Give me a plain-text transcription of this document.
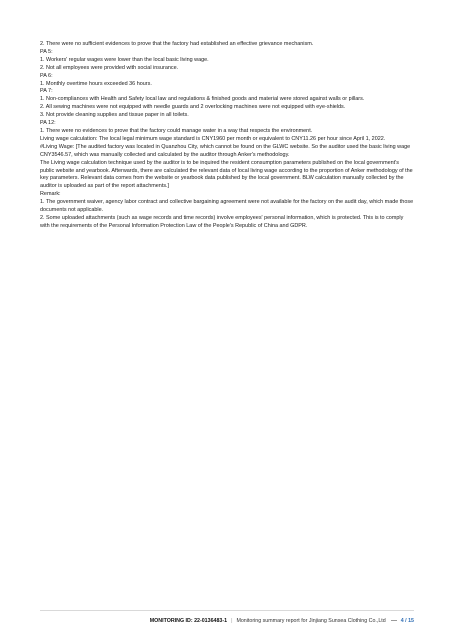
2. There were no sufficient evidences to prove that the factory had established an effective grievance mechanism.

PA 5:

1. Workers' regular wages were lower than the local basic living wage.

2. Not all employees were provided with social insurance.

PA 6:

1. Monthly overtime hours exceeded 36 hours.

PA 7:

1. Non-compliances with Health and Safety local law and regulations & finished goods and material were stored against walls or pillars.

2. All sewing machines were not equipped with needle guards and 2 overlocking machines were not equipped with eye-shields.

3. Not provide cleaning supplies and tissue paper in all toilets.

PA 12:

1. There were no evidences to prove that the factory could manage water in a way that respects the environment.

Living wage calculation: The local legal minimum wage standard is CNY1960 per month or equivalent to CNY11.26 per hour since April 1, 2022.

#Living Wage: [The audited factory was located in Quanzhou City, which cannot be found on the GLWC website. So the auditor used the basic living wage CNY3546.57, which was manually collected and calculated by the auditor through Anker's methodology.

The Living wage calculation technique used by the auditor is to be inquired the resident consumption parameters published on the local government's public website and yearbook. Afterwards, there are calculated the relevant data of local living wage according to the proportion of Anker methodology of the key parameters. Relevant data comes from the website or yearbook data published by the local government. BLW calculation manually collected by the auditor is uploaded as part of the report attachments.]

Remark:

1. The government waiver, agency labor contract and collective bargaining agreement were not available for the factory on the audit day, which made those documents not applicable.

2. Some uploaded attachments (such as wage records and time records) involve employees' personal information, which is protected. This is to comply with the requirements of the Personal Information Protection Law of the People's Republic of China and GDPR.

MONITORING ID: 22-0136483-1 | Monitoring summary report for Jinjiang Sunsea Clothing Co.,Ltd	4 / 15
